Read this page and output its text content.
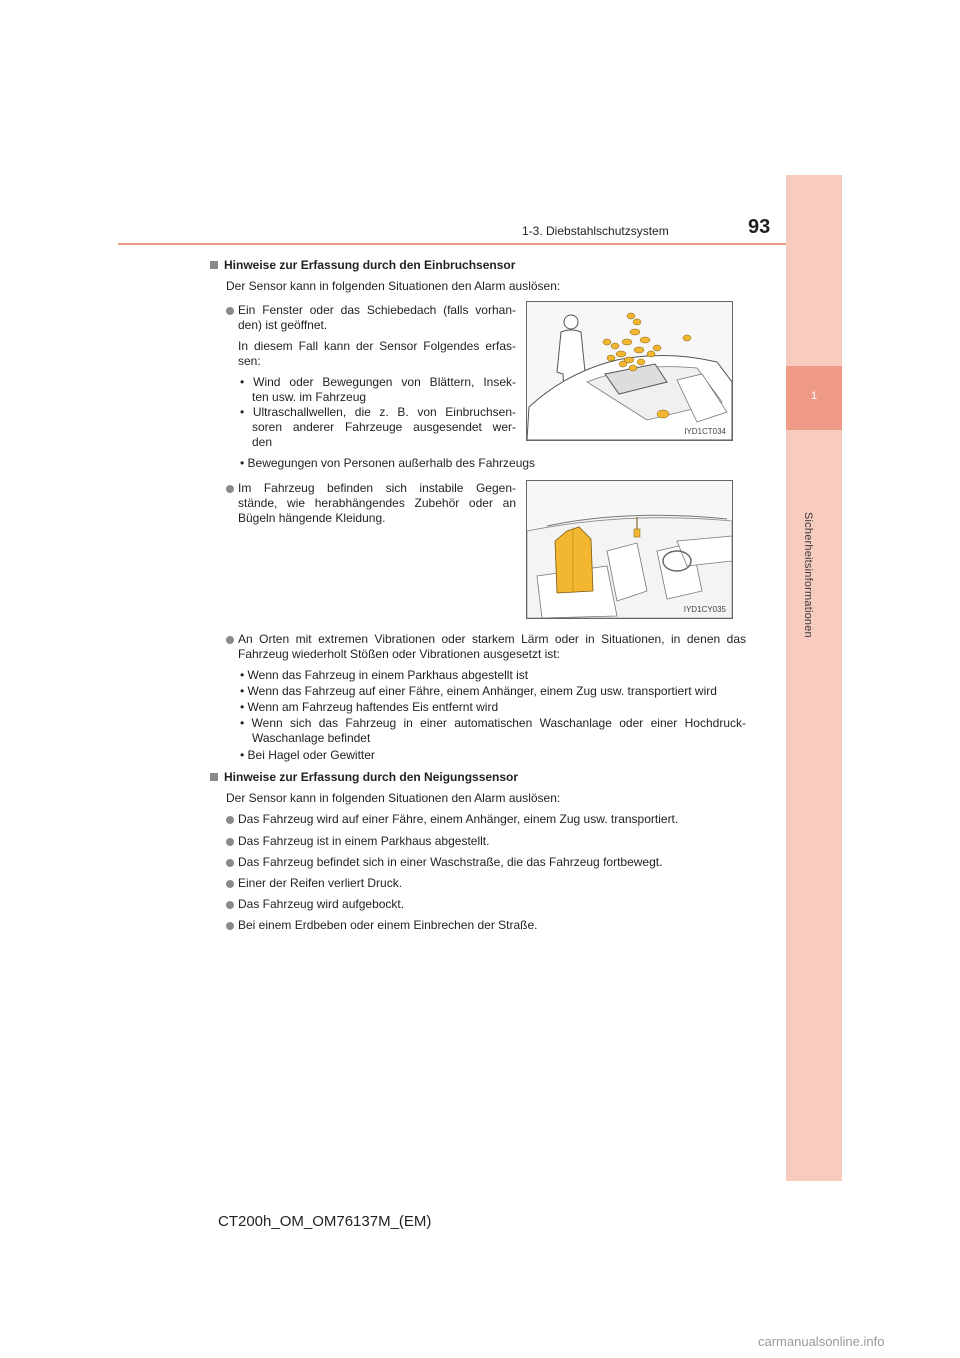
1
Sicherheitsinformationen
1-3. Diebstahlschutzsystem	93
Hinweise zur Erfassung durch den Einbruchsensor
Der Sensor kann in folgenden Situationen den Alarm auslösen:
Ein Fenster oder das Schiebedach (falls vorhan-
den) ist geöffnet.
In diesem Fall kann der Sensor Folgendes erfas-
sen:
• Wind oder Bewegungen von Blättern, Insek-
ten usw. im Fahrzeug
• Ultraschallwellen, die z. B. von Einbruchsen-
soren anderer Fahrzeuge ausgesendet wer-
den
• Bewegungen von Personen außerhalb des Fahrzeugs
IYD1CT034
Im Fahrzeug befinden sich instabile Gegen-
stände, wie herabhängendes Zubehör oder an
Bügeln hängende Kleidung.
IYD1CY035
An Orten mit extremen Vibrationen oder starkem Lärm oder in Situationen, in denen das
Fahrzeug wiederholt Stößen oder Vibrationen ausgesetzt ist:
• Wenn das Fahrzeug in einem Parkhaus abgestellt ist
• Wenn das Fahrzeug auf einer Fähre, einem Anhänger, einem Zug usw. transportiert wird
• Wenn am Fahrzeug haftendes Eis entfernt wird
• Wenn sich das Fahrzeug in einer automatischen Waschanlage oder einer Hochdruck-
Waschanlage befindet
• Bei Hagel oder Gewitter
Hinweise zur Erfassung durch den Neigungssensor
Der Sensor kann in folgenden Situationen den Alarm auslösen:
Das Fahrzeug wird auf einer Fähre, einem Anhänger, einem Zug usw. transportiert.
Das Fahrzeug ist in einem Parkhaus abgestellt.
Das Fahrzeug befindet sich in einer Waschstraße, die das Fahrzeug fortbewegt.
Einer der Reifen verliert Druck.
Das Fahrzeug wird aufgebockt.
Bei einem Erdbeben oder einem Einbrechen der Straße.
CT200h_OM_OM76137M_(EM)
carmanualsonline.info
